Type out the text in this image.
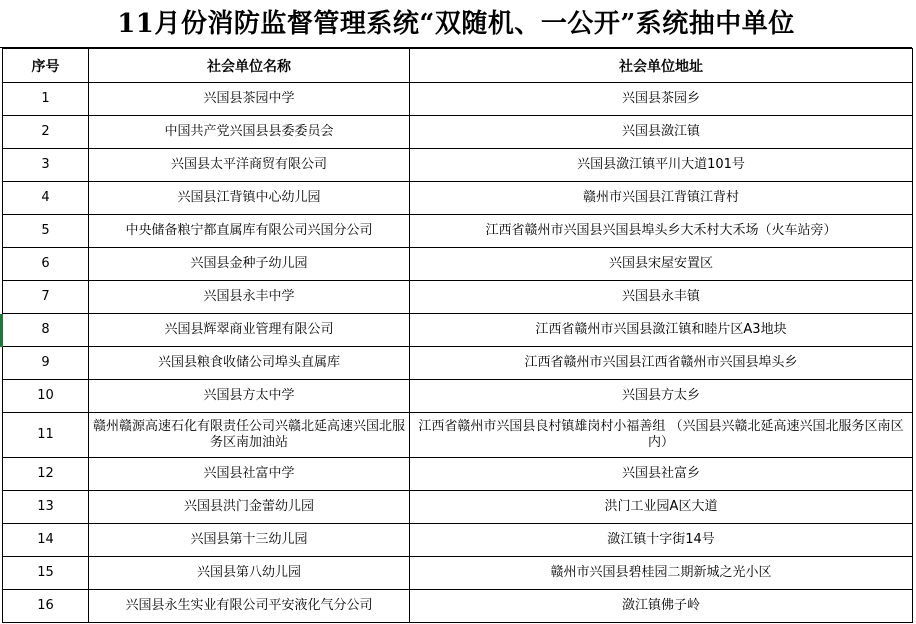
11月份消防监督管理系统“双随机、一公开”系统抽中单位
序号	社会单位名称	社会单位地址
1	兴国县茶园中学	兴国县茶园乡
2	中国共产党兴国县县委委员会	兴国县潋江镇
3	兴国县太平洋商贸有限公司	兴国县潋江镇平川大道101号
4	兴国县江背镇中心幼儿园	赣州市兴国县江背镇江背村
5	中央储备粮宁都直属库有限公司兴国分公司	江西省赣州市兴国县兴国县埠头乡大禾村大禾场（火车站旁）
6	兴国县金种子幼儿园	兴国县宋屋安置区
7	兴国县永丰中学	兴国县永丰镇
8	兴国县辉翠商业管理有限公司	江西省赣州市兴国县潋江镇和睦片区A3地块
9	兴国县粮食收储公司埠头直属库	江西省赣州市兴国县江西省赣州市兴国县埠头乡
10	兴国县方太中学	兴国县方太乡
11	赣州赣源高速石化有限责任公司兴赣北延高速兴国北服务区南加油站	江西省赣州市兴国县良村镇雄岗村小福善组 （兴国县兴赣北延高速兴国北服务区南区内）
12	兴国县社富中学	兴国县社富乡
13	兴国县洪门金蕾幼儿园	洪门工业园A区大道
14	兴国县第十三幼儿园	潋江镇十字街14号
15	兴国县第八幼儿园	赣州市兴国县碧桂园二期新城之光小区
16	兴国县永生实业有限公司平安液化气分公司	潋江镇佛子岭
